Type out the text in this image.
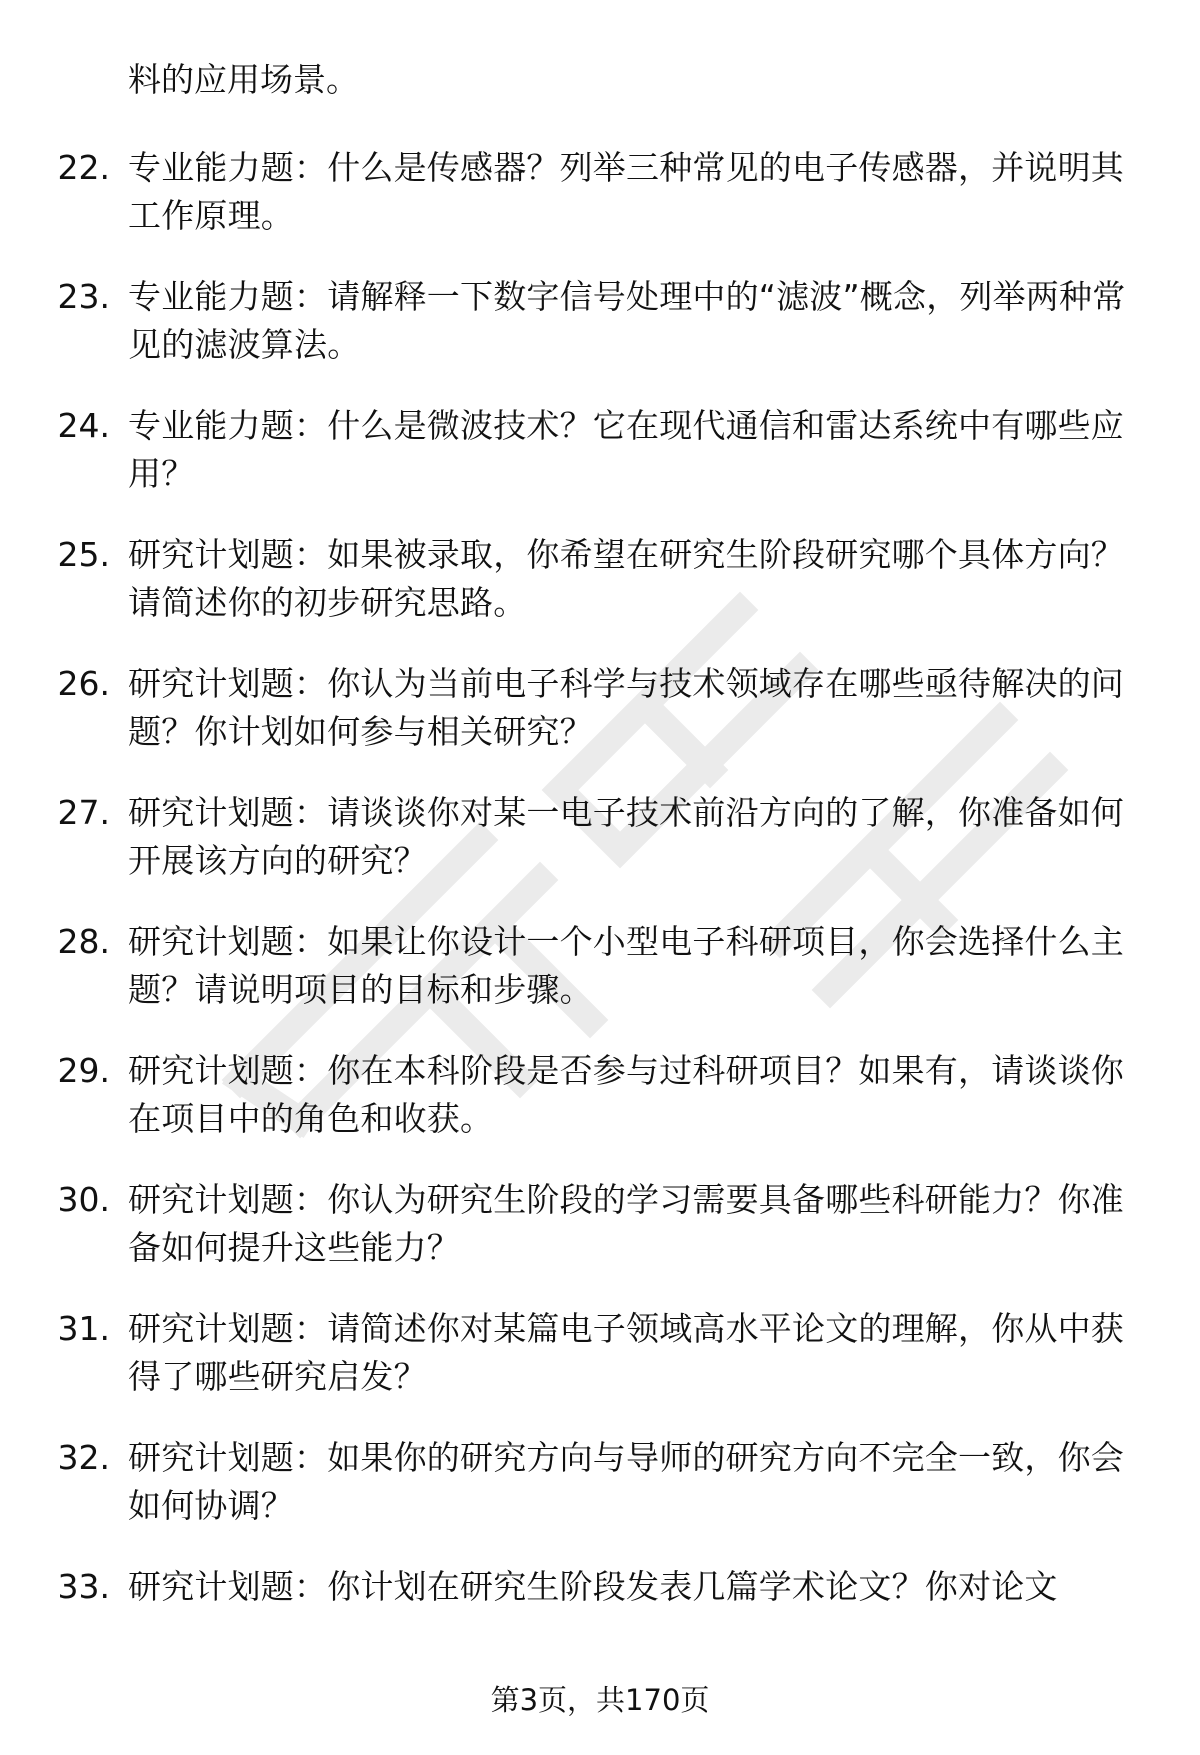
料的应用场景。
22. 专业能力题：什么是传感器？列举三种常见的电子传感器，并说明其工作原理。
23. 专业能力题：请解释一下数字信号处理中的“滤波”概念，列举两种常见的滤波算法。
24. 专业能力题：什么是微波技术？它在现代通信和雷达系统中有哪些应用？
25. 研究计划题：如果被录取，你希望在研究生阶段研究哪个具体方向？请简述你的初步研究思路。
26. 研究计划题：你认为当前电子科学与技术领域存在哪些亟待解决的问题？你计划如何参与相关研究？
27. 研究计划题：请谈谈你对某一电子技术前沿方向的了解，你准备如何开展该方向的研究？
28. 研究计划题：如果让你设计一个小型电子科研项目，你会选择什么主题？请说明项目的目标和步骤。
29. 研究计划题：你在本科阶段是否参与过科研项目？如果有，请谈谈你在项目中的角色和收获。
30. 研究计划题：你认为研究生阶段的学习需要具备哪些科研能力？你准备如何提升这些能力？
31. 研究计划题：请简述你对某篇电子领域高水平论文的理解，你从中获得了哪些研究启发？
32. 研究计划题：如果你的研究方向与导师的研究方向不完全一致，你会如何协调？
33. 研究计划题：你计划在研究生阶段发表几篇学术论文？你对论文
第3页，共170页
